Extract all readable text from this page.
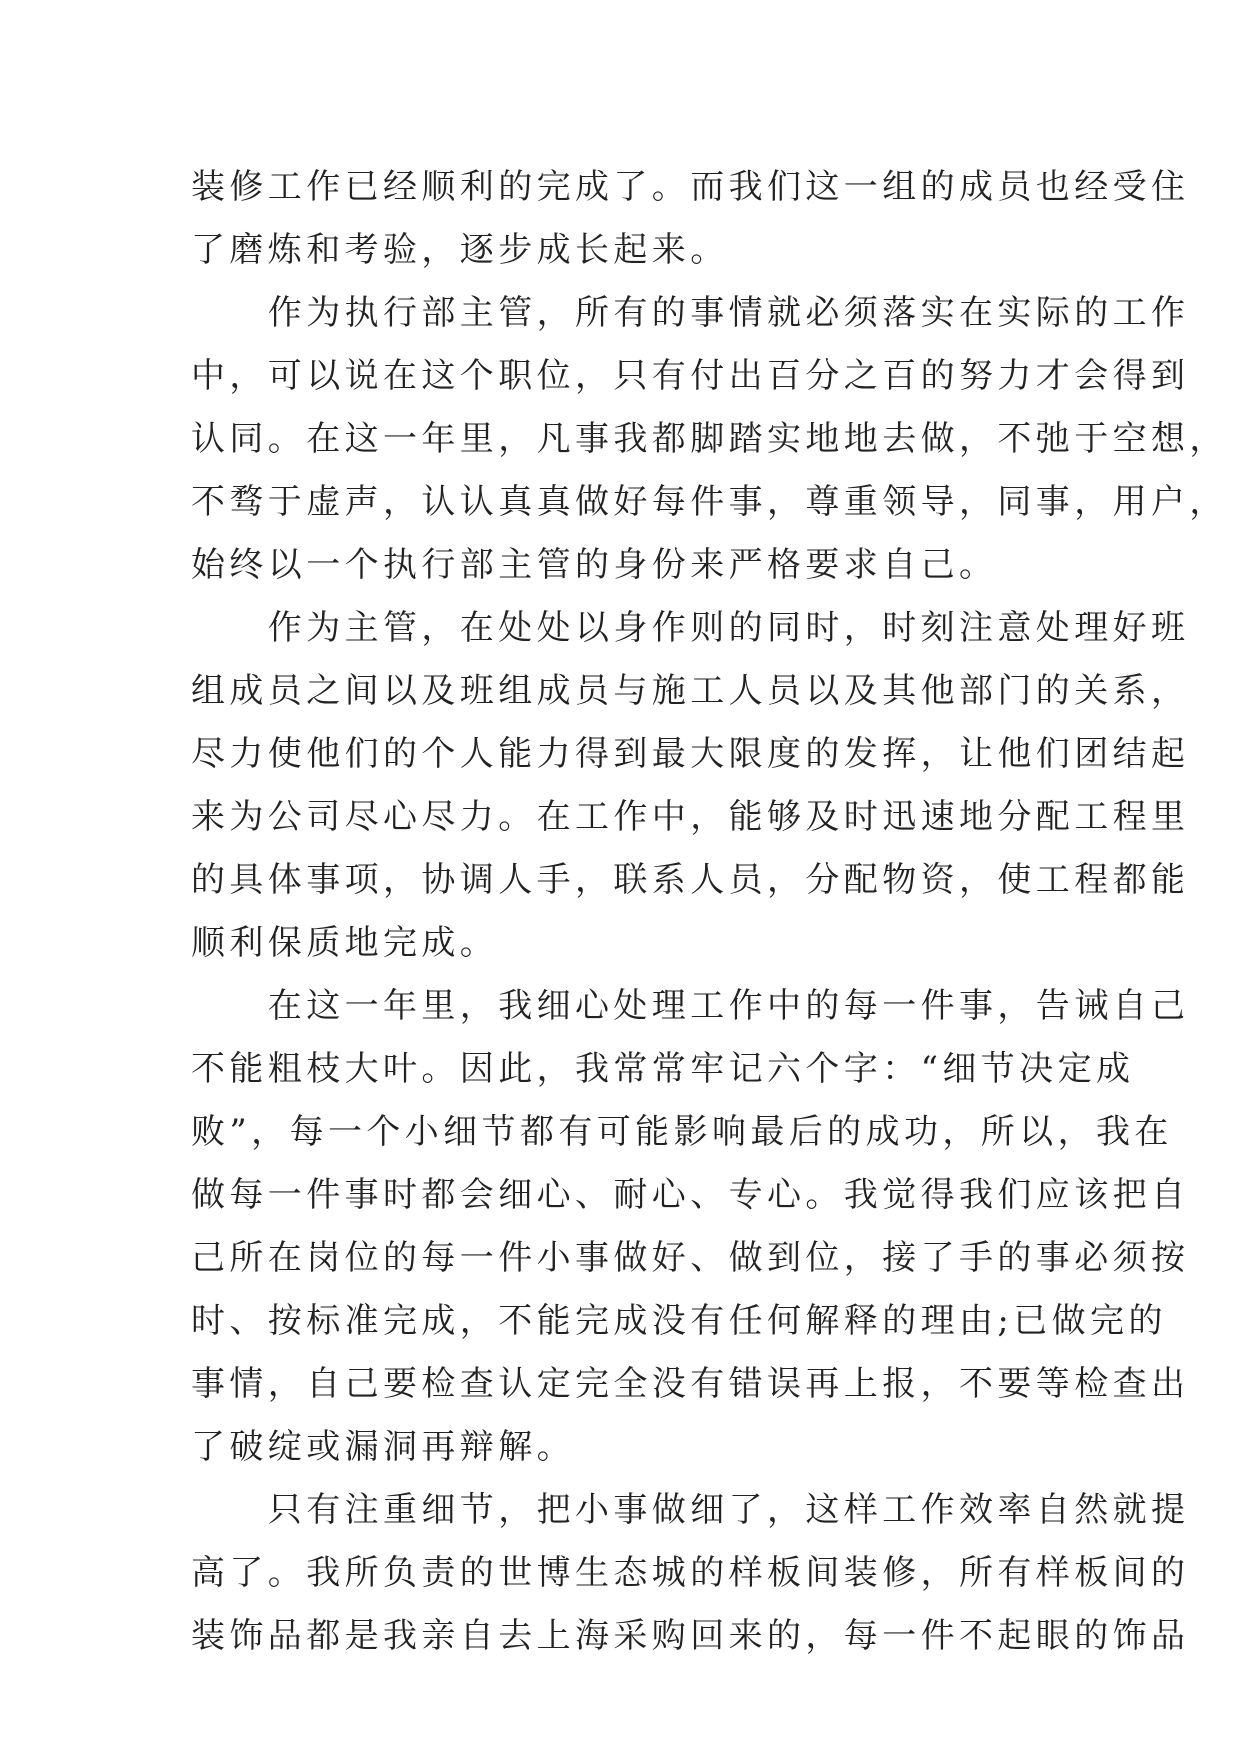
装修工作已经顺利的完成了。而我们这一组的成员也经受住
了磨炼和考验，逐步成长起来。
　　作为执行部主管，所有的事情就必须落实在实际的工作
中，可以说在这个职位，只有付出百分之百的努力才会得到
认同。在这一年里，凡事我都脚踏实地地去做，不弛于空想，
不骛于虚声，认认真真做好每件事，尊重领导，同事，用户，
始终以一个执行部主管的身份来严格要求自己。
　　作为主管，在处处以身作则的同时，时刻注意处理好班
组成员之间以及班组成员与施工人员以及其他部门的关系，
尽力使他们的个人能力得到最大限度的发挥，让他们团结起
来为公司尽心尽力。在工作中，能够及时迅速地分配工程里
的具体事项，协调人手，联系人员，分配物资，使工程都能
顺利保质地完成。
　　在这一年里，我细心处理工作中的每一件事，告诫自己
不能粗枝大叶。因此，我常常牢记六个字：“细节决定成
败”，每一个小细节都有可能影响最后的成功，所以，我在
做每一件事时都会细心、耐心、专心。我觉得我们应该把自
己所在岗位的每一件小事做好、做到位，接了手的事必须按
时、按标准完成，不能完成没有任何解释的理由;已做完的
事情，自己要检查认定完全没有错误再上报，不要等检查出
了破绽或漏洞再辩解。
　　只有注重细节，把小事做细了，这样工作效率自然就提
高了。我所负责的世博生态城的样板间装修，所有样板间的
装饰品都是我亲自去上海采购回来的，每一件不起眼的饰品
